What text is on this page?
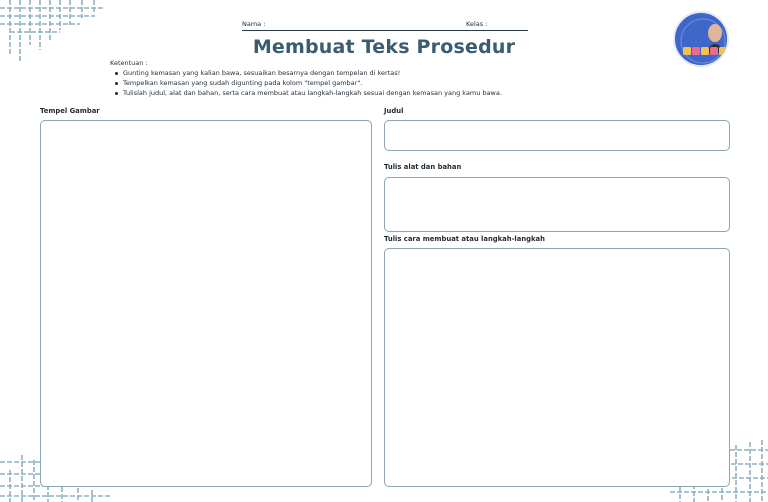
Nama :	Kelas :
Membuat Teks Prosedur
Ketentuan :
Gunting kemasan yang kalian bawa, sesuaikan besarnya dengan tempelan di kertas!
Tempelkan kemasan yang sudah digunting pada kolom "tempel gambar".
Tulislah judul, alat dan bahan, serta cara membuat atau langkah-langkah sesuai dengan kemasan yang kamu bawa.
Tempel Gambar	Judul
Tulis alat dan bahan
Tulis cara membuat atau langkah-langkah
